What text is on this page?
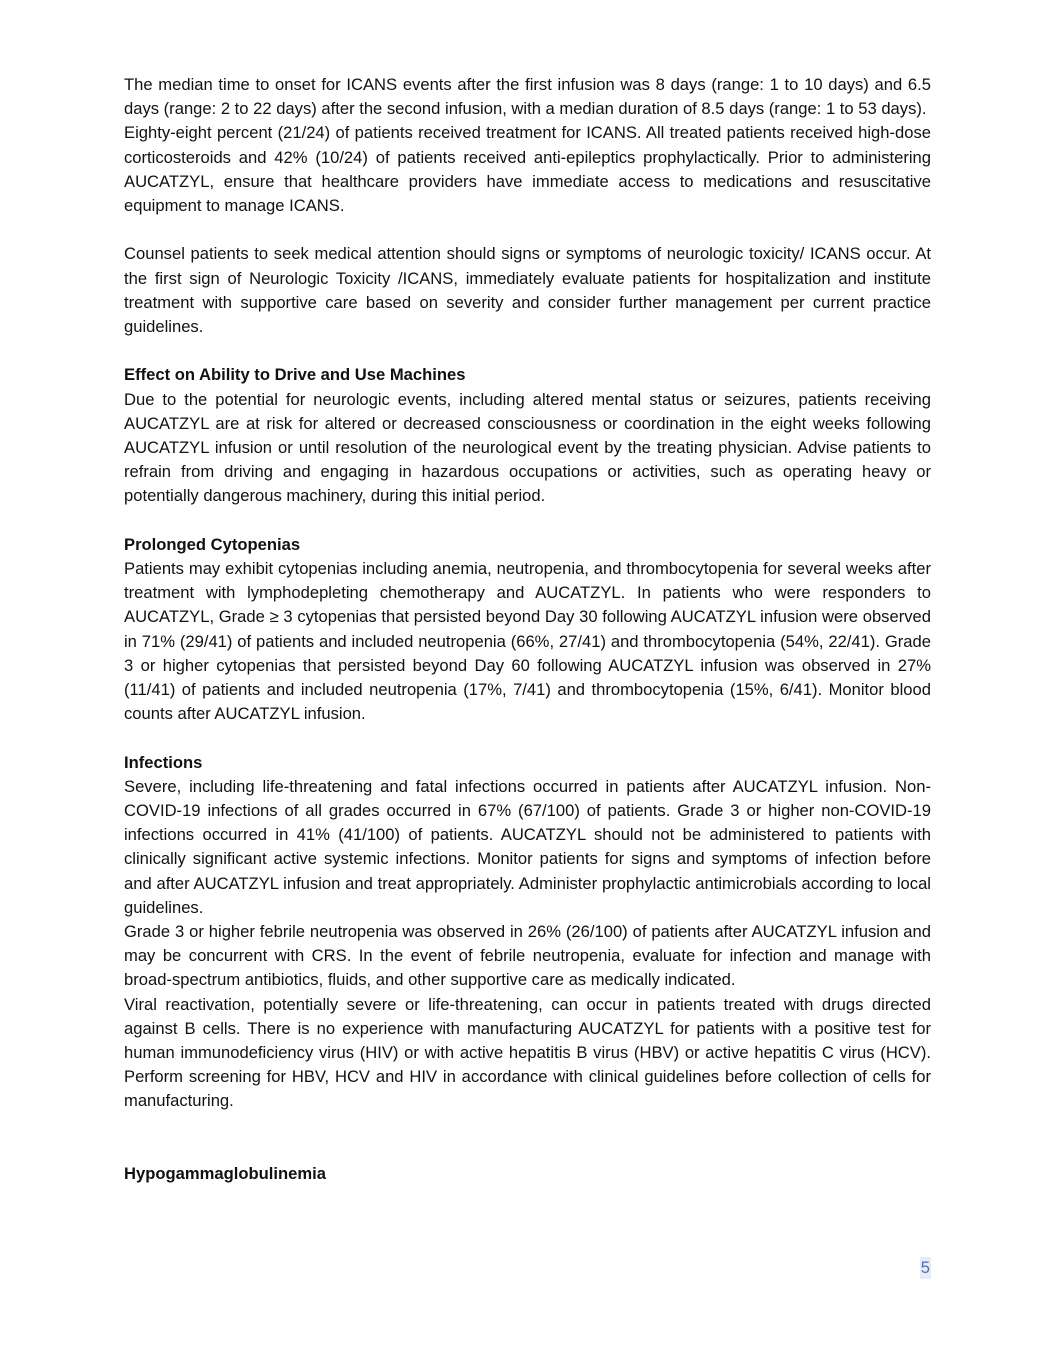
The median time to onset for ICANS events after the first infusion was 8 days (range: 1 to 10 days) and 6.5 days (range: 2 to 22 days) after the second infusion, with a median duration of 8.5 days (range: 1 to 53 days).

Eighty-eight percent (21/24) of patients received treatment for ICANS. All treated patients received high-dose corticosteroids and 42% (10/24) of patients received anti-epileptics prophylactically. Prior to administering AUCATZYL, ensure that healthcare providers have immediate access to medications and resuscitative equipment to manage ICANS.

Counsel patients to seek medical attention should signs or symptoms of neurologic toxicity/ ICANS occur. At the first sign of Neurologic Toxicity /ICANS, immediately evaluate patients for hospitalization and institute treatment with supportive care based on severity and consider further management per current practice guidelines.

Effect on Ability to Drive and Use Machines

Due to the potential for neurologic events, including altered mental status or seizures, patients receiving AUCATZYL are at risk for altered or decreased consciousness or coordination in the eight weeks following AUCATZYL infusion or until resolution of the neurological event by the treating physician. Advise patients to refrain from driving and engaging in hazardous occupations or activities, such as operating heavy or potentially dangerous machinery, during this initial period.

Prolonged Cytopenias

Patients may exhibit cytopenias including anemia, neutropenia, and thrombocytopenia for several weeks after treatment with lymphodepleting chemotherapy and AUCATZYL. In patients who were responders to AUCATZYL, Grade ≥ 3 cytopenias that persisted beyond Day 30 following AUCATZYL infusion were observed in 71% (29/41) of patients and included neutropenia (66%, 27/41) and thrombocytopenia (54%, 22/41). Grade 3 or higher cytopenias that persisted beyond Day 60 following AUCATZYL infusion was observed in 27% (11/41) of patients and included neutropenia (17%, 7/41) and thrombocytopenia (15%, 6/41). Monitor blood counts after AUCATZYL infusion.

Infections

Severe, including life-threatening and fatal infections occurred in patients after AUCATZYL infusion. Non-COVID-19 infections of all grades occurred in 67% (67/100) of patients. Grade 3 or higher non-COVID-19 infections occurred in 41% (41/100) of patients. AUCATZYL should not be administered to patients with clinically significant active systemic infections. Monitor patients for signs and symptoms of infection before and after AUCATZYL infusion and treat appropriately. Administer prophylactic antimicrobials according to local guidelines.

Grade 3 or higher febrile neutropenia was observed in 26% (26/100) of patients after AUCATZYL infusion and may be concurrent with CRS. In the event of febrile neutropenia, evaluate for infection and manage with broad-spectrum antibiotics, fluids, and other supportive care as medically indicated.

Viral reactivation, potentially severe or life-threatening, can occur in patients treated with drugs directed against B cells. There is no experience with manufacturing AUCATZYL for patients with a positive test for human immunodeficiency virus (HIV) or with active hepatitis B virus (HBV) or active hepatitis C virus (HCV). Perform screening for HBV, HCV and HIV in accordance with clinical guidelines before collection of cells for manufacturing.

Hypogammaglobulinemia

5
